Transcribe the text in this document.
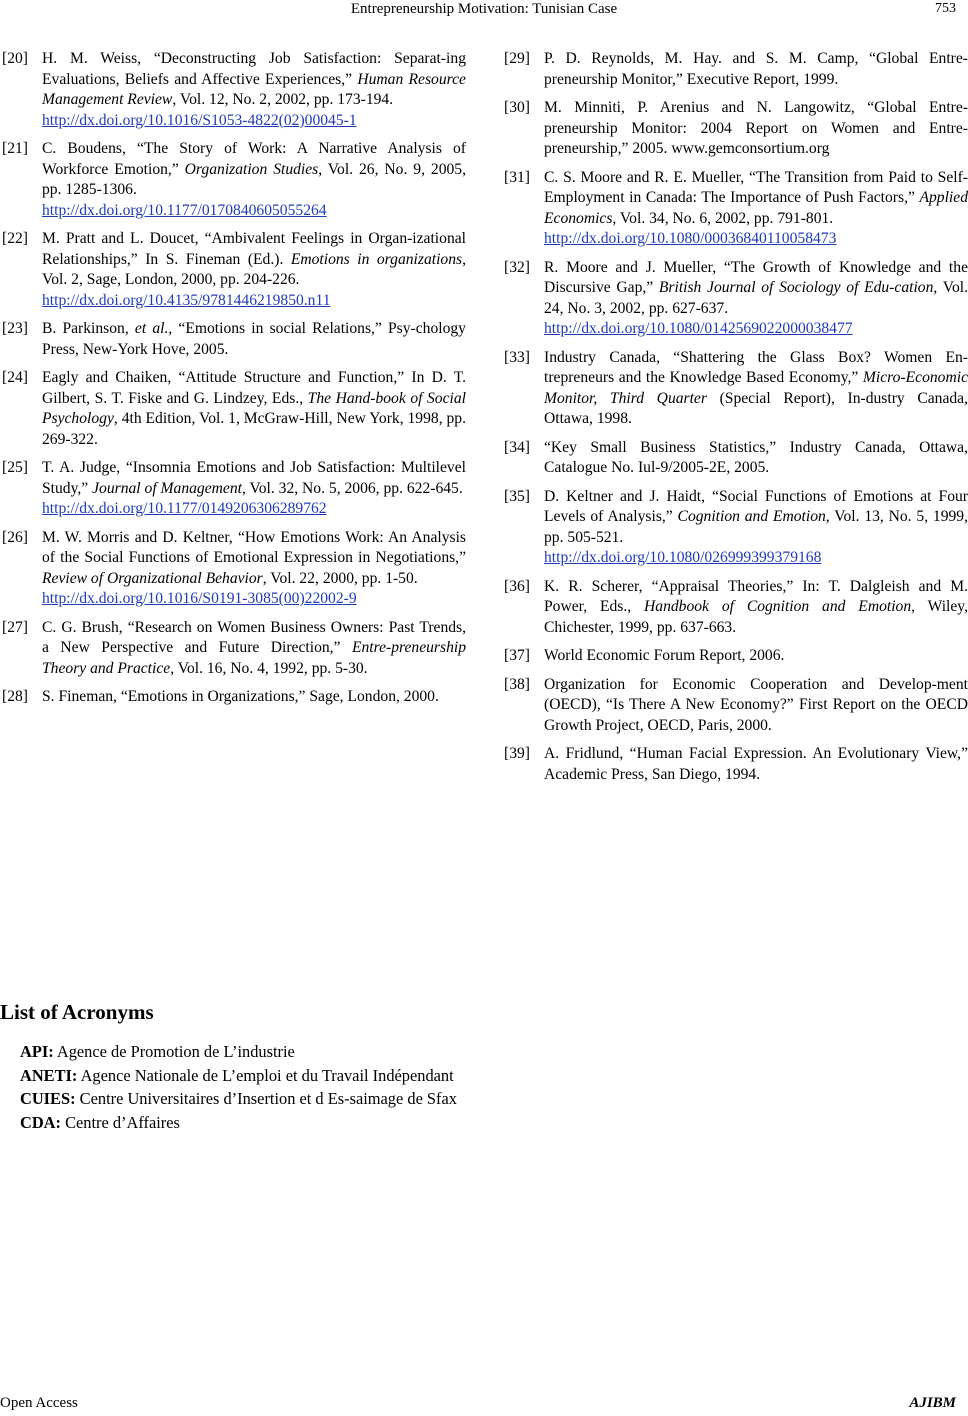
Entrepreneurship Motivation: Tunisian Case	753
[20] H. M. Weiss, “Deconstructing Job Satisfaction: Separat-ing Evaluations, Beliefs and Affective Experiences,” Human Resource Management Review, Vol. 12, No. 2, 2002, pp. 173-194.
http://dx.doi.org/10.1016/S1053-4822(02)00045-1
[21] C. Boudens, “The Story of Work: A Narrative Analysis of Workforce Emotion,” Organization Studies, Vol. 26, No. 9, 2005, pp. 1285-1306.
http://dx.doi.org/10.1177/0170840605055264
[22] M. Pratt and L. Doucet, “Ambivalent Feelings in Organ-izational Relationships,” In S. Fineman (Ed.). Emotions in organizations, Vol. 2, Sage, London, 2000, pp. 204-226.
http://dx.doi.org/10.4135/9781446219850.n11
[23] B. Parkinson, et al., “Emotions in social Relations,” Psy-chology Press, New-York Hove, 2005.
[24] Eagly and Chaiken, “Attitude Structure and Function,” In D. T. Gilbert, S. T. Fiske and G. Lindzey, Eds., The Hand-book of Social Psychology, 4th Edition, Vol. 1, McGraw-Hill, New York, 1998, pp. 269-322.
[25] T. A. Judge, “Insomnia Emotions and Job Satisfaction: Multilevel Study,” Journal of Management, Vol. 32, No. 5, 2006, pp. 622-645.
http://dx.doi.org/10.1177/0149206306289762
[26] M. W. Morris and D. Keltner, “How Emotions Work: An Analysis of the Social Functions of Emotional Expression in Negotiations,” Review of Organizational Behavior, Vol. 22, 2000, pp. 1-50.
http://dx.doi.org/10.1016/S0191-3085(00)22002-9
[27] C. G. Brush, “Research on Women Business Owners: Past Trends, a New Perspective and Future Direction,” Entre-preneurship Theory and Practice, Vol. 16, No. 4, 1992, pp. 5-30.
[28] S. Fineman, “Emotions in Organizations,” Sage, London, 2000.
[29] P. D. Reynolds, M. Hay. and S. M. Camp, “Global Entre-preneurship Monitor,” Executive Report, 1999.
[30] M. Minniti, P. Arenius and N. Langowitz, “Global Entre-preneurship Monitor: 2004 Report on Women and Entre-preneurship,” 2005. www.gemconsortium.org
[31] C. S. Moore and R. E. Mueller, “The Transition from Paid to Self-Employment in Canada: The Importance of Push Factors,” Applied Economics, Vol. 34, No. 6, 2002, pp. 791-801.
http://dx.doi.org/10.1080/00036840110058473
[32] R. Moore and J. Mueller, “The Growth of Knowledge and the Discursive Gap,” British Journal of Sociology of Edu-cation, Vol. 24, No. 3, 2002, pp. 627-637.
http://dx.doi.org/10.1080/0142569022000038477
[33] Industry Canada, “Shattering the Glass Box? Women En-trepreneurs and the Knowledge Based Economy,” Micro-Economic Monitor, Third Quarter (Special Report), In-dustry Canada, Ottawa, 1998.
[34] “Key Small Business Statistics,” Industry Canada, Ottawa, Catalogue No. Iul-9/2005-2E, 2005.
[35] D. Keltner and J. Haidt, “Social Functions of Emotions at Four Levels of Analysis,” Cognition and Emotion, Vol. 13, No. 5, 1999, pp. 505-521.
http://dx.doi.org/10.1080/026999399379168
[36] K. R. Scherer, “Appraisal Theories,” In: T. Dalgleish and M. Power, Eds., Handbook of Cognition and Emotion, Wiley, Chichester, 1999, pp. 637-663.
[37] World Economic Forum Report, 2006.
[38] Organization for Economic Cooperation and Develop-ment (OECD), “Is There A New Economy?” First Report on the OECD Growth Project, OECD, Paris, 2000.
[39] A. Fridlund, “Human Facial Expression. An Evolutionary View,” Academic Press, San Diego, 1994.
List of Acronyms

API: Agence de Promotion de L’industrie

ANETI: Agence Nationale de L’emploi et du Travail Indépendant

CUIES: Centre Universitaires d’Insertion et d Es-saimage de Sfax

CDA: Centre d’Affaires

Open Access	AJIBM
